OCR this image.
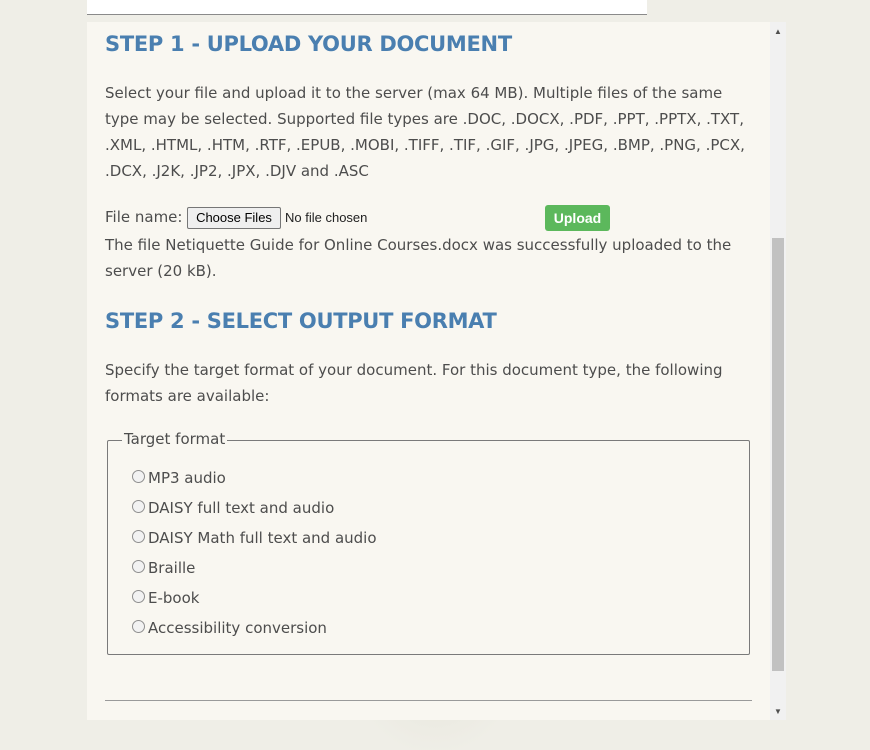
STEP 1 - UPLOAD YOUR DOCUMENT

Select your file and upload it to the server (max 64 MB). Multiple files of the same type may be selected. Supported file types are .DOC, .DOCX, .PDF, .PPT, .PPTX, .TXT, .XML, .HTML, .HTM, .RTF, .EPUB, .MOBI, .TIFF, .TIF, .GIF, .JPG, .JPEG, .BMP, .PNG, .PCX, .DCX, .J2K, .JP2, .JPX, .DJV and .ASC

File name:	Choose Files	No file chosen	Upload

The file Netiquette Guide for Online Courses.docx was successfully uploaded to the server (20 kB).

STEP 2 - SELECT OUTPUT FORMAT

Specify the target format of your document. For this document type, the following formats are available:

Target format
MP3 audio
DAISY full text and audio
DAISY Math full text and audio
Braille
E-book
Accessibility conversion
▲
▼
